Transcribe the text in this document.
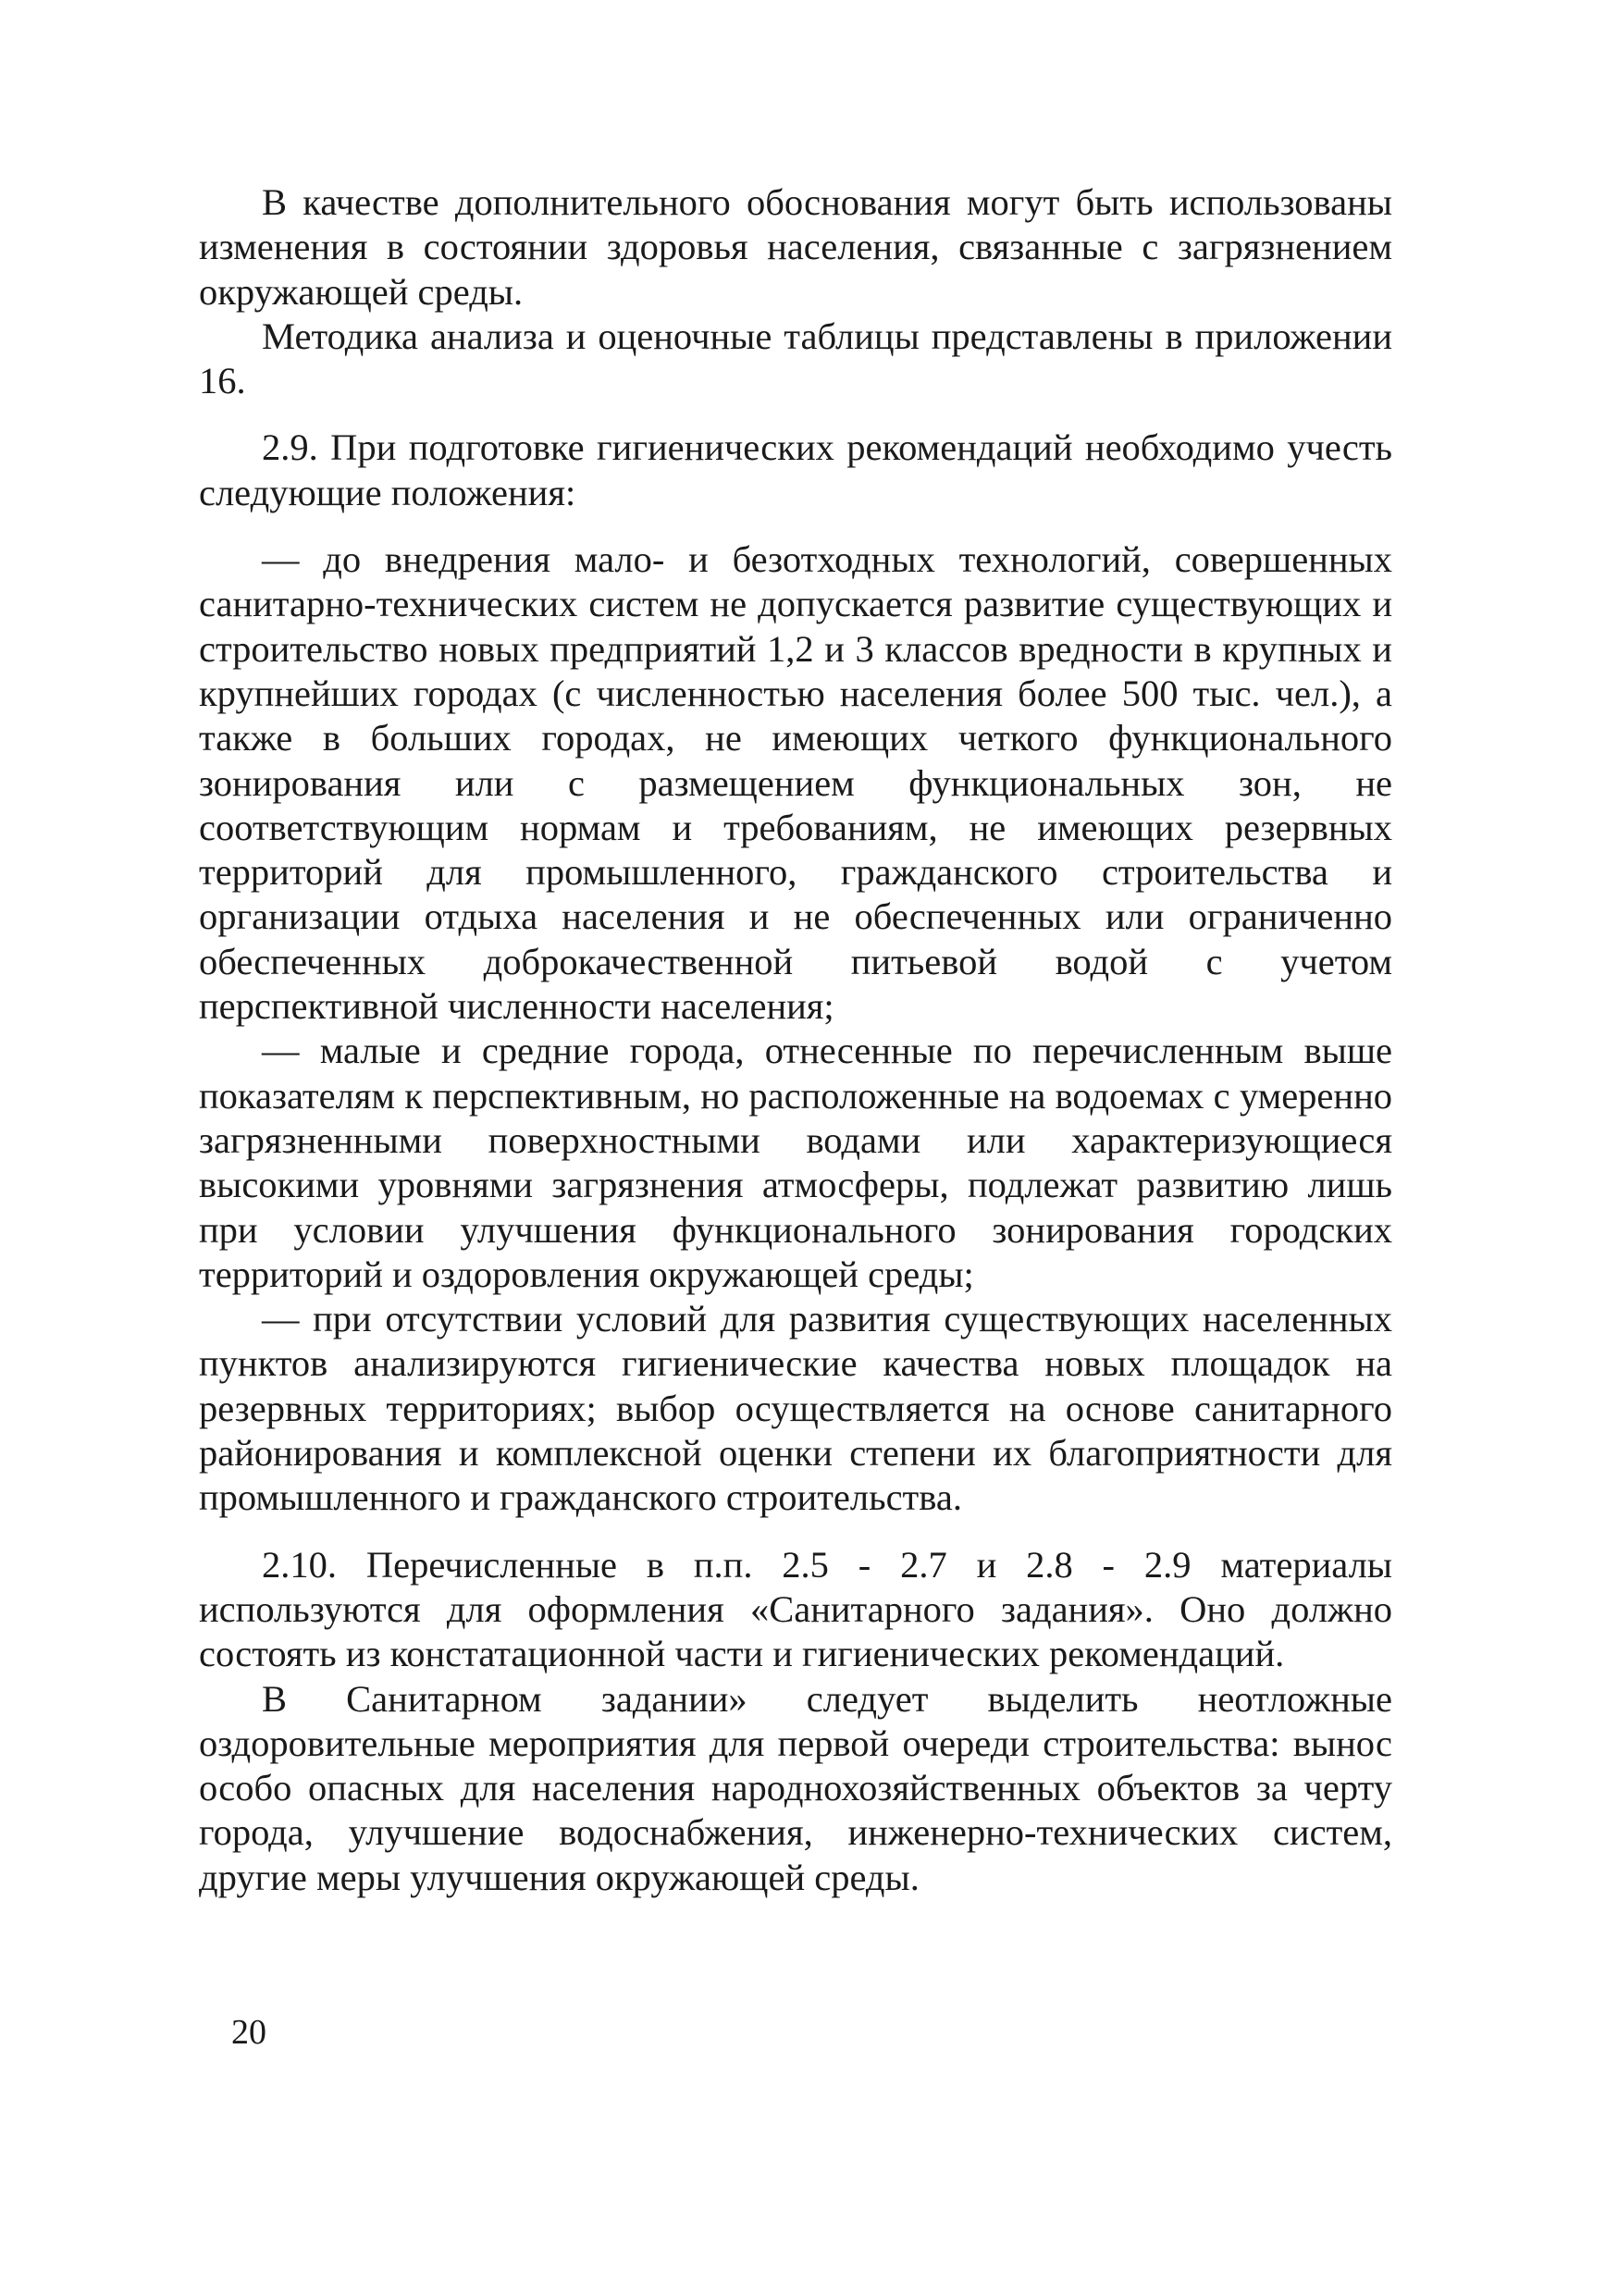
В качестве дополнительного обоснования могут быть использованы изменения в состоянии здоровья населения, связанные с загрязнением окружающей среды.

Методика анализа и оценочные таблицы представлены в приложении 16.

2.9. При подготовке гигиенических рекомендаций необходимо учесть следующие положения:

— до внедрения мало- и безотходных технологий, совершенных санитарно-технических систем не допускается развитие существующих и строительство новых предприятий 1,2 и 3 классов вредности в крупных и крупнейших городах (с численностью населения более 500 тыс. чел.), а также в больших городах, не имеющих четкого функционального зонирования или с размещением функциональных зон, не соответствующим нормам и требованиям, не имеющих резервных территорий для промышленного, гражданского строительства и организации отдыха населения и не обеспеченных или ограниченно обеспеченных доброкачественной питьевой водой с учетом перспективной численности населения;

— малые и средние города, отнесенные по перечисленным выше показателям к перспективным, но расположенные на водоемах с умеренно загрязненными поверхностными водами или характеризующиеся высокими уровнями загрязнения атмосферы, подлежат развитию лишь при условии улучшения функционального зонирования городских территорий и оздоровления окружающей среды;

— при отсутствии условий для развития существующих населенных пунктов анализируются гигиенические качества новых площадок на резервных территориях; выбор осуществляется на основе санитарного районирования и комплексной оценки степени их благоприятности для промышленного и гражданского строительства.

2.10. Перечисленные в п.п. 2.5 - 2.7 и 2.8 - 2.9 материалы используются для оформления «Санитарного задания». Оно должно состоять из констатационной части и гигиенических рекомендаций.

В Санитарном задании» следует выделить неотложные оздоровительные мероприятия для первой очереди строительства: вынос особо опасных для населения народнохозяйственных объектов за черту города, улучшение водоснабжения, инженерно-технических систем, другие меры улучшения окружающей среды.

20
